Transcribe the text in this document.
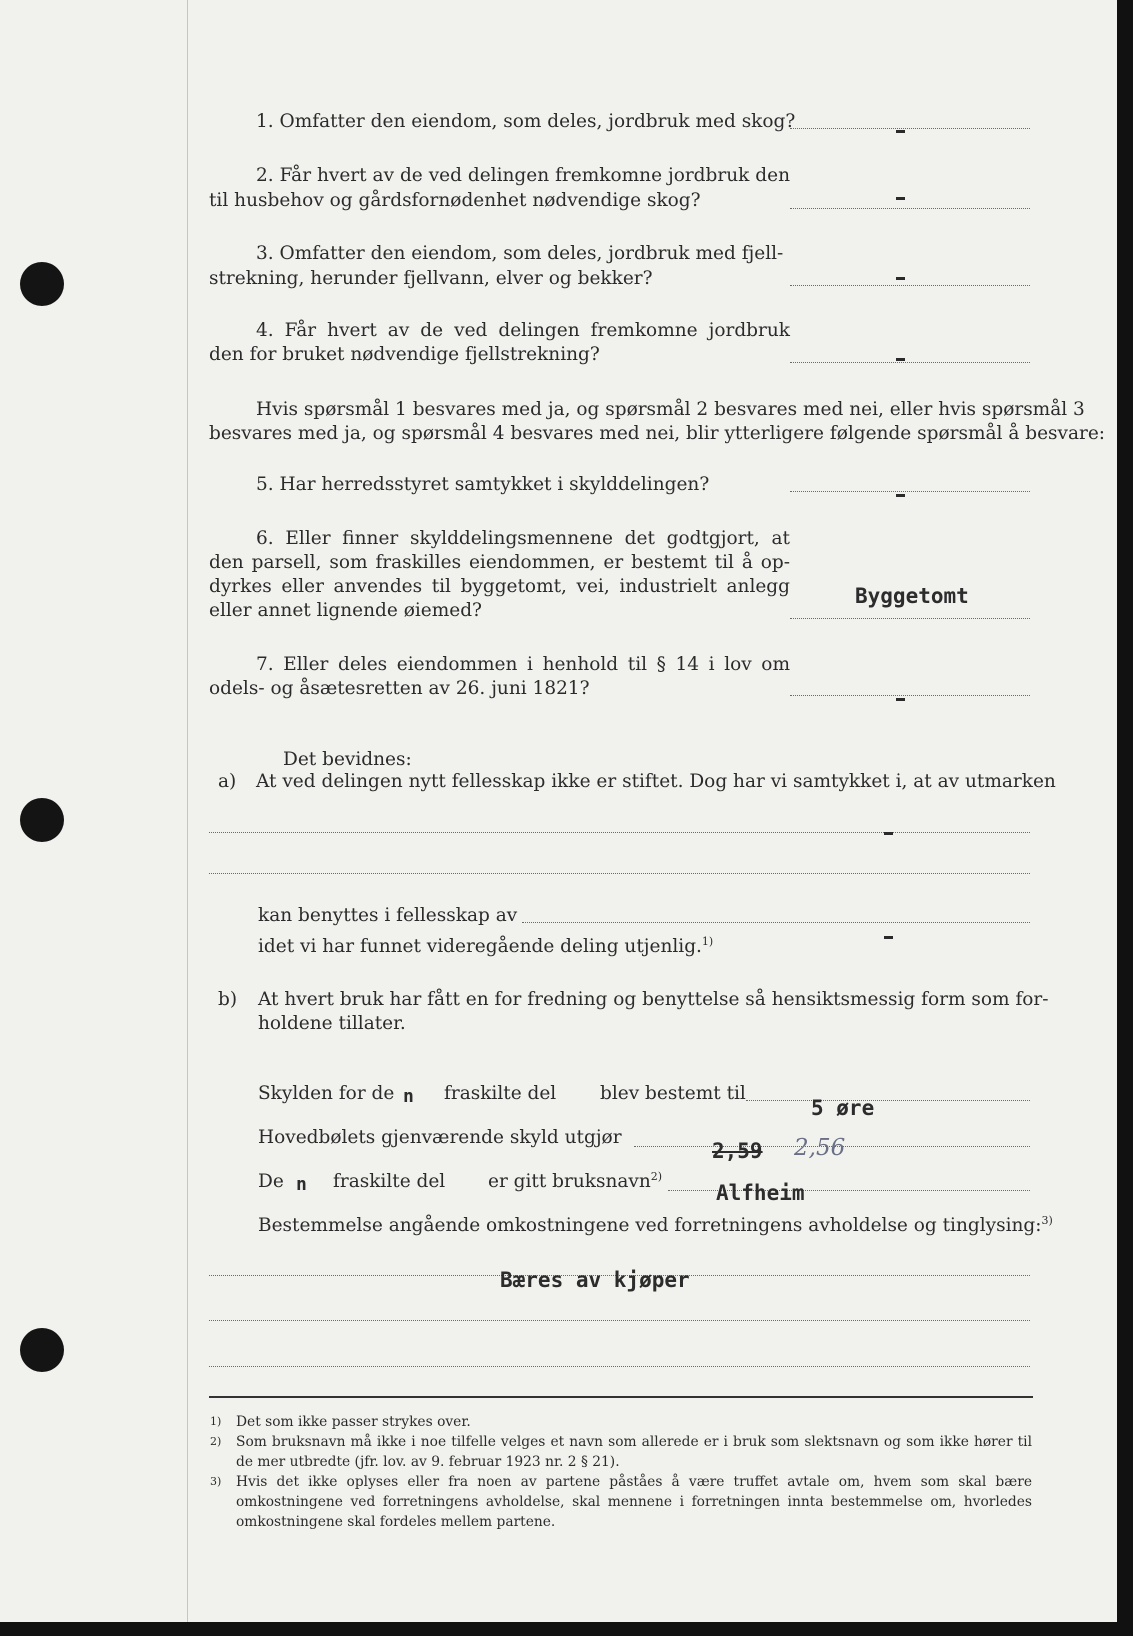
1. Omfatter den eiendom, som deles, jordbruk med skog?
2. Får hvert av de ved delingen fremkomne jordbruk den
til husbehov og gårdsfornødenhet nødvendige skog?
3. Omfatter den eiendom, som deles, jordbruk med fjell-
strekning, herunder fjellvann, elver og bekker?
4. Får hvert av de ved delingen fremkomne jordbruk
den for bruket nødvendige fjellstrekning?
Hvis spørsmål 1 besvares med ja, og spørsmål 2 besvares med nei, eller hvis spørsmål 3
besvares med ja, og spørsmål 4 besvares med nei, blir ytterligere følgende spørsmål å besvare:
5. Har herredsstyret samtykket i skylddelingen?
6. Eller finner skylddelingsmennene det godtgjort, at
den parsell, som fraskilles eiendommen, er bestemt til å op-
dyrkes eller anvendes til byggetomt, vei, industrielt anlegg
eller annet lignende øiemed?
Byggetomt
7. Eller deles eiendommen i henhold til § 14 i lov om
odels- og åsætesretten av 26. juni 1821?
Det bevidnes:
a) At ved delingen nytt fellesskap ikke er stiftet. Dog har vi samtykket i, at av utmarken
kan benyttes i fellesskap av
idet vi har funnet videregående deling utjenlig.$^{1)}$
b) At hvert bruk har fått en for fredning og benyttelse så hensiktsmessig form som for-
holdene tillater.
Skylden for de n fraskilte del blev bestemt til
5 øre
Hovedbølets gjenværende skyld utgjør
2,59 2,56
De n fraskilte del er gitt bruksnavn$^{2)}$
Alfheim
Bestemmelse angående omkostningene ved forretningens avholdelse og tinglysing:$^{3)}$
Bæres av kjøper
1) Det som ikke passer strykes over.
2) Som bruksnavn må ikke i noe tilfelle velges et navn som allerede er i bruk som slektsnavn og som ikke hører til de mer utbredte (jfr. lov. av 9. februar 1923 nr. 2 § 21).
3) Hvis det ikke oplyses eller fra noen av partene påståes å være truffet avtale om, hvem som skal bære omkostningene ved forretningens avholdelse, skal mennene i forretningen innta bestemmelse om, hvorledes omkostningene skal fordeles mellem partene.
